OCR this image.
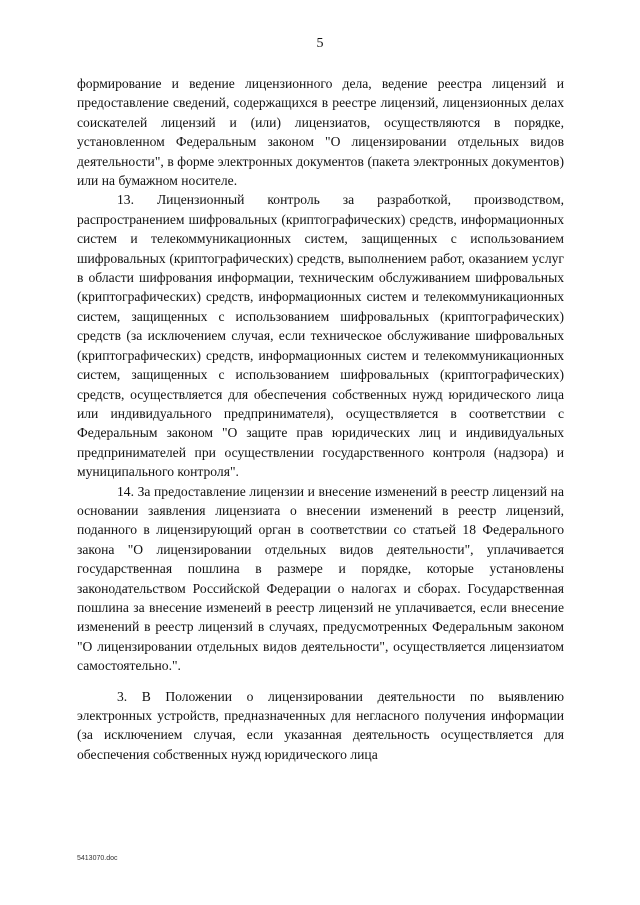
5

формирование и ведение лицензионного дела, ведение реестра лицензий и предоставление сведений, содержащихся в реестре лицензий, лицензионных делах соискателей лицензий и (или) лицензиатов, осуществляются в порядке, установленном Федеральным законом "О лицензировании отдельных видов деятельности", в форме электронных документов (пакета электронных документов) или на бумажном носителе.

13. Лицензионный контроль за разработкой, производством, распространением шифровальных (криптографических) средств, информационных систем и телекоммуникационных систем, защищенных с использованием шифровальных (криптографических) средств, выполнением работ, оказанием услуг в области шифрования информации, техническим обслуживанием шифровальных (криптографических) средств, информационных систем и телекоммуникационных систем, защищенных с использованием шифровальных (криптографических) средств (за исключением случая, если техническое обслуживание шифровальных (криптографических) средств, информационных систем и телекоммуникационных систем, защищенных с использованием шифровальных (криптографических) средств, осуществляется для обеспечения собственных нужд юридического лица или индивидуального предпринимателя), осуществляется в соответствии с Федеральным законом "О защите прав юридических лиц и индивидуальных предпринимателей при осуществлении государственного контроля (надзора) и муниципального контроля".

14. За предоставление лицензии и внесение изменений в реестр лицензий на основании заявления лицензиата о внесении изменений в реестр лицензий, поданного в лицензирующий орган в соответствии со статьей 18 Федерального закона "О лицензировании отдельных видов деятельности", уплачивается государственная пошлина в размере и порядке, которые установлены законодательством Российской Федерации о налогах и сборах. Государственная пошлина за внесение изменеий в реестр лицензий не уплачивается, если внесение изменений в реестр лицензий в случаях, предусмотренных Федеральным законом "О лицензировании отдельных видов деятельности", осуществляется лицензиатом самостоятельно.".

3. В Положении о лицензировании деятельности по выявлению электронных устройств, предназначенных для негласного получения информации (за исключением случая, если указанная деятельность осуществляется для обеспечения собственных нужд юридического лица

5413070.doc
